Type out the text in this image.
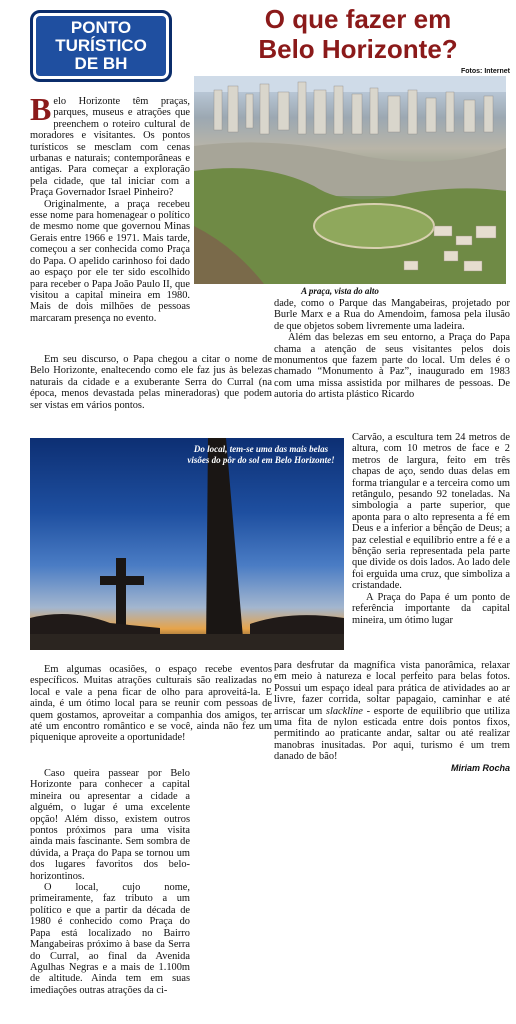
PONTO
TURÍSTICO
DE BH
O que fazer em
Belo Horizonte?
Fotos: Internet
A praça, vista do alto

Belo Horizonte têm praças, parques, museus e atrações que preenchem o roteiro cultural de moradores e visitantes. Os pontos turísticos se mesclam com cenas urbanas e naturais; contemporâneas e antigas. Para começar a exploração pela cidade, que tal iniciar com a Praça Governador Israel Pinheiro?

Originalmente, a praça recebeu esse nome para homenagear o político de mesmo nome que governou Minas Gerais entre 1966 e 1971. Mais tarde, começou a ser conhecida como Praça do Papa. O apelido carinhoso foi dado ao espaço por ele ter sido escolhido para receber o Papa João Paulo II, que visitou a capital mineira em 1980. Mais de dois milhões de pessoas marcaram presença no evento.

Em seu discurso, o Papa chegou a citar o nome de Belo Horizonte, enaltecendo como ele faz jus às belezas naturais da cidade e a exuberante Serra do Curral (na época, menos devastada pelas mineradoras) que podem ser vistas em vários pontos.

dade, como o Parque das Mangabeiras, projetado por Burle Marx e a Rua do Amendoim, famosa pela ilusão de que objetos sobem livremente uma ladeira.

Além das belezas em seu entorno, a Praça do Papa chama a atenção de seus visitantes pelos dois monumentos que fazem parte do local. Um deles é o chamado “Monumento à Paz”, inaugurado em 1983 com uma missa assistida por milhares de pessoas. De autoria do artista plástico Ricardo

Carvão, a escultura tem 24 metros de altura, com 10 metros de face e 2 metros de largura, feito em três chapas de aço, sendo duas delas em forma triangular e a terceira como um retângulo, pesando 92 toneladas. Na simbologia a parte superior, que aponta para o alto representa a fé em Deus e a inferior a bênção de Deus; a paz celestial e equilíbrio entre a fé e a bênção seria representada pela parte que divide os dois lados. Ao lado dele foi erguida uma cruz, que simboliza a cristandade.

A Praça do Papa é um ponto de referência importante da capital mineira, um ótimo lugar

para desfrutar da magnífica vista panorâmica, relaxar em meio à natureza e local perfeito para belas fotos. Possui um espaço ideal para prática de atividades ao ar livre, fazer corrida, soltar papagaio, caminhar e até arriscar um slackline - esporte de equilíbrio que utiliza uma fita de nylon esticada entre dois pontos fixos, permitindo ao praticante andar, saltar ou até realizar manobras inusitadas. Por aqui, turismo é um trem danado de bão!

Miriam Rocha
Do local, tem-se uma das mais belas visões do pôr do sol em Belo Horizonte!

Em algumas ocasiões, o espaço recebe eventos específicos. Muitas atrações culturais são realizadas no local e vale a pena ficar de olho para aproveitá-la. E ainda, é um ótimo local para se reunir com pessoas de quem gostamos, aproveitar a companhia dos amigos, ter até um encontro romântico e se você, ainda não fez um piquenique aproveite a oportunidade!

Caso queira passear por Belo Horizonte para conhecer a capital mineira ou apresentar a cidade a alguém, o lugar é uma excelente opção! Além disso, existem outros pontos próximos para uma visita ainda mais fascinante. Sem sombra de dúvida, a Praça do Papa se tornou um dos lugares favoritos dos belo-horizontinos.

O local, cujo nome, primeiramente, faz tributo a um político e que a partir da década de 1980 é conhecido como Praça do Papa está localizado no Bairro Mangabeiras próximo à base da Serra do Curral, ao final da Avenida Agulhas Negras e a mais de 1.100m de altitude. Ainda tem em suas imediações outras atrações da ci-
